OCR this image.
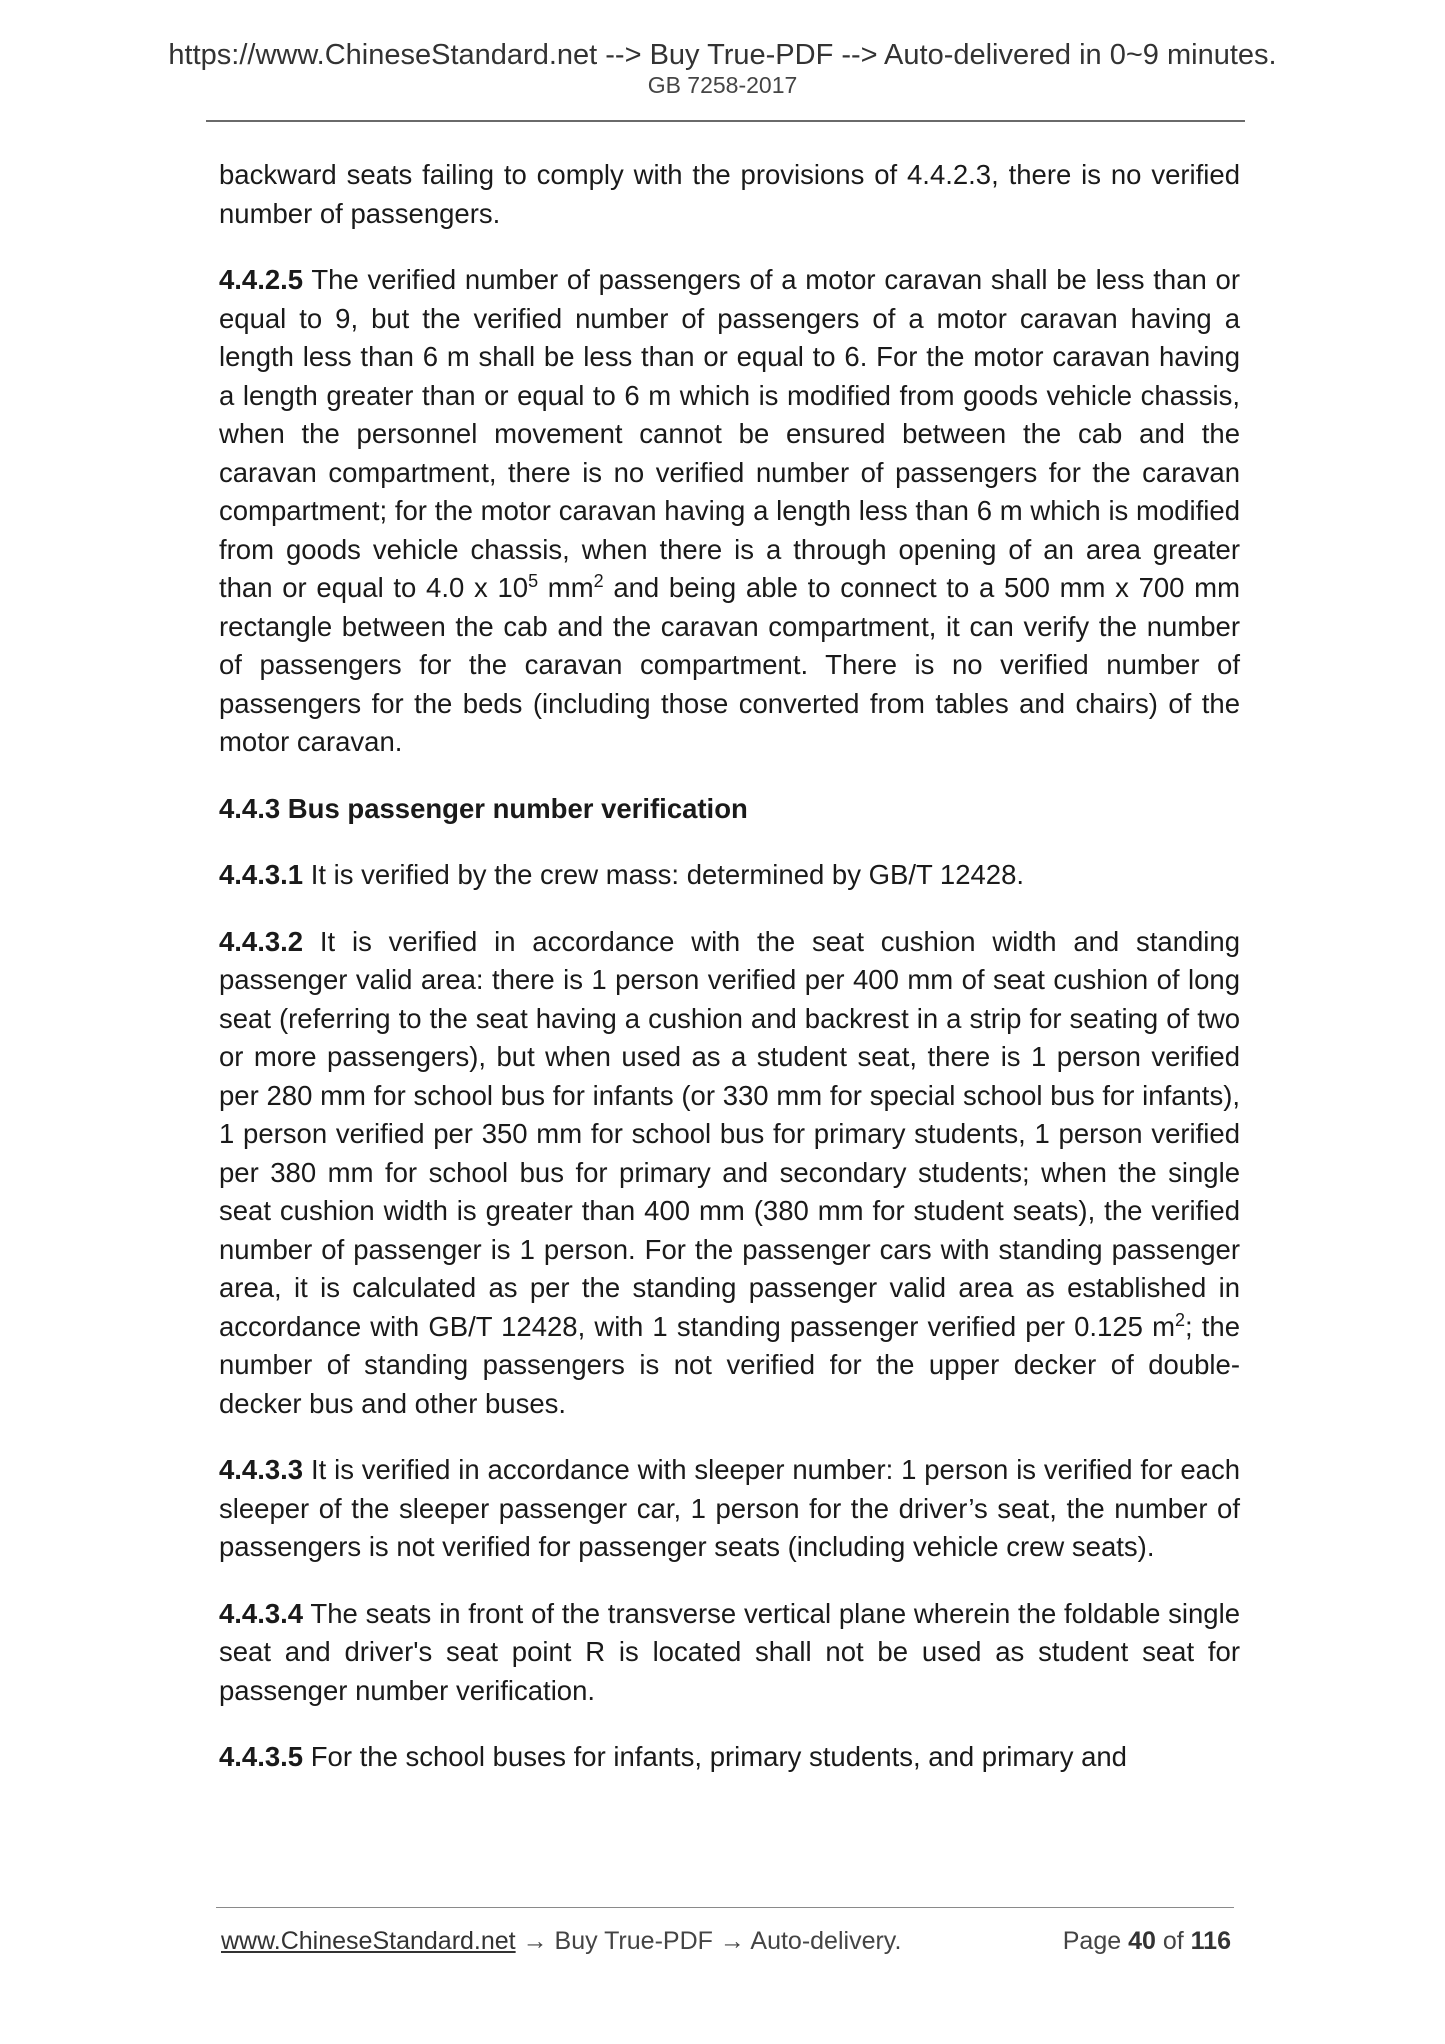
https://www.ChineseStandard.net --> Buy True-PDF --> Auto-delivered in 0~9 minutes.
GB 7258-2017

backward seats failing to comply with the provisions of 4.4.2.3, there is no verified number of passengers.

4.4.2.5 The verified number of passengers of a motor caravan shall be less than or equal to 9, but the verified number of passengers of a motor caravan having a length less than 6 m shall be less than or equal to 6. For the motor caravan having a length greater than or equal to 6 m which is modified from goods vehicle chassis, when the personnel movement cannot be ensured between the cab and the caravan compartment, there is no verified number of passengers for the caravan compartment; for the motor caravan having a length less than 6 m which is modified from goods vehicle chassis, when there is a through opening of an area greater than or equal to 4.0 x $10^5$ $mm^2$ and being able to connect to a 500 mm x 700 mm rectangle between the cab and the caravan compartment, it can verify the number of passengers for the caravan compartment. There is no verified number of passengers for the beds (including those converted from tables and chairs) of the motor caravan.

4.4.3 Bus passenger number verification

4.4.3.1 It is verified by the crew mass: determined by GB/T 12428.

4.4.3.2 It is verified in accordance with the seat cushion width and standing passenger valid area: there is 1 person verified per 400 mm of seat cushion of long seat (referring to the seat having a cushion and backrest in a strip for seating of two or more passengers), but when used as a student seat, there is 1 person verified per 280 mm for school bus for infants (or 330 mm for special school bus for infants), 1 person verified per 350 mm for school bus for primary students, 1 person verified per 380 mm for school bus for primary and secondary students; when the single seat cushion width is greater than 400 mm (380 mm for student seats), the verified number of passenger is 1 person. For the passenger cars with standing passenger area, it is calculated as per the standing passenger valid area as established in accordance with GB/T 12428, with 1 standing passenger verified per 0.125 $m^2$; the number of standing passengers is not verified for the upper decker of double-decker bus and other buses.

4.4.3.3 It is verified in accordance with sleeper number: 1 person is verified for each sleeper of the sleeper passenger car, 1 person for the driver’s seat, the number of passengers is not verified for passenger seats (including vehicle crew seats).

4.4.3.4 The seats in front of the transverse vertical plane wherein the foldable single seat and driver's seat point R is located shall not be used as student seat for passenger number verification.

4.4.3.5 For the school buses for infants, primary students, and primary and

www.ChineseStandard.net → Buy True-PDF → Auto-delivery.	Page 40 of 116
